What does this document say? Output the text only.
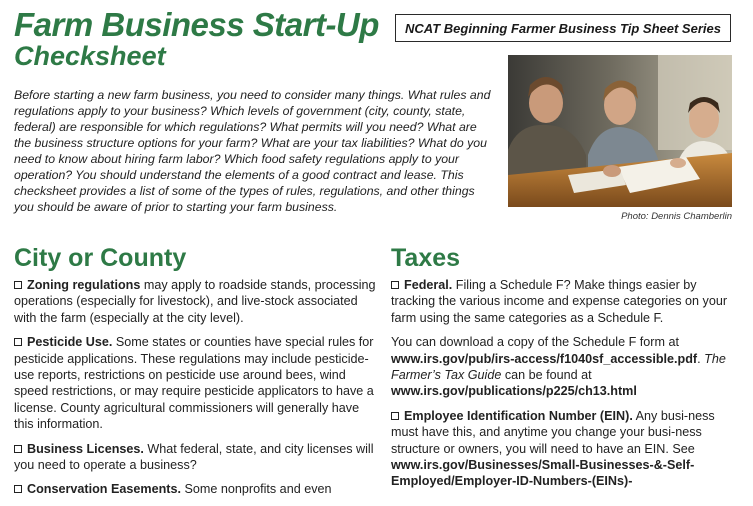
Farm Business Start-Up
Checksheet
NCAT Beginning Farmer Business Tip Sheet Series

Before starting a new farm business, you need to consider many things. What rules and regulations apply to your business? Which levels of government (city, county, state, federal) are responsible for which regulations? What permits will you need? What are the business structure options for your farm? What are your tax liabilities? What do you need to know about hiring farm labor? Which food safety regulations apply to your operation? You should understand the elements of a good contract and lease. This checksheet provides a list of some of the types of rules, regulations, and other things you should be aware of prior to starting your farm business.

Photo: Dennis Chamberlin
City or County

Zoning regulations may apply to roadside stands, processing operations (especially for livestock), and live-stock associated with the farm (especially at the city level).

Pesticide Use. Some states or counties have special rules for pesticide applications. These regulations may include pesticide-use reports, restrictions on pesticide use around bees, wind speed restrictions, or may require pesticide applicators to have a license. County agricultural commissioners will generally have this information.

Business Licenses. What federal, state, and city licenses will you need to operate a business?

Conservation Easements. Some nonprofits and even

Taxes

Federal. Filing a Schedule F? Make things easier by tracking the various income and expense categories on your farm using the same categories as a Schedule F.

You can download a copy of the Schedule F form at www.irs.gov/pub/irs-access/f1040sf_accessible.pdf. The Farmer’s Tax Guide can be found at www.irs.gov/publications/p225/ch13.html

Employee Identification Number (EIN). Any busi-ness must have this, and anytime you change your busi-ness structure or owners, you will need to have an EIN. See www.irs.gov/Businesses/Small-Businesses-&-Self-Employed/Employer-ID-Numbers-(EINs)-
